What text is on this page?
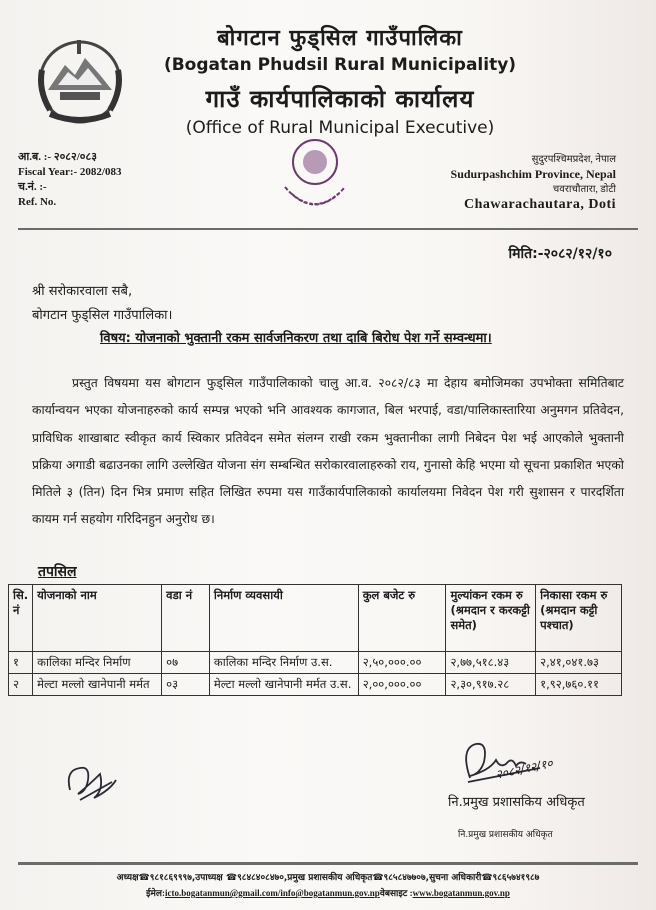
बोगटान फुड्सिल गाउँपालिका
(Bogatan Phudsil Rural Municipality)
गाउँ कार्यपालिकाको कार्यालय
(Office of Rural Municipal Executive)
आ.ब. :- २०८२/०८३
Fiscal Year:- 2082/083
च.नं. :-
Ref. No.
सुदुरपश्चिमप्रदेश, नेपाल
Sudurpashchim Province, Nepal
चवराचौतारा, डोटी
Chawarachautara, Doti
मिति:-२०८२/१२/१०
श्री सरोकारवाला सबै,
बोगटान फुड्सिल गाउँपालिका।
विषय: योजनाको भुक्तानी रकम सार्वजनिकरण तथा दाबि बिरोध पेश गर्ने सम्वन्धमा।
प्रस्तुत विषयमा यस बोगटान फुड्सिल गाउँपालिकाको चालु आ.व. २०८२/८३ मा देहाय बमोजिमका उपभोक्ता समितिबाट कार्यान्वयन भएका योजनाहरुको कार्य सम्पन्न भएको भनि आवश्यक कागजात, बिल भरपाई, वडा/पालिकास्तारिया अनुमगन प्रतिवेदन, प्राविधिक शाखाबाट स्वीकृत कार्य स्विकार प्रतिवेदन समेत संलग्न राखी रकम भुक्तानीका लागी निबेदन पेश भई आएकोले भुक्तानी प्रक्रिया अगाडी बढाउनका लागि उल्लेखित योजना संग सम्बन्धित सरोकारवालाहरुको राय, गुनासो केहि भएमा यो सूचना प्रकाशित भएको मितिले ३ (तिन) दिन भित्र प्रमाण सहित लिखित रुपमा यस गाउँकार्यपालिकाको कार्यालयमा निवेदन पेश गरी सुशासन र पारदर्शिता कायम गर्न सहयोग गरिदिनहुन अनुरोध छ।
तपसिल
सि. नं	योजनाको नाम	वडा नं	निर्माण व्यवसायी	कुल बजेट रु	मुल्यांकन रकम रु (श्रमदान र करकट्टी समेत)	निकासा रकम रु (श्रमदान कट्टी पश्चात)
१	कालिका मन्दिर निर्माण	०७	कालिका मन्दिर निर्माण उ.स.	२,५०,०००.००	२,७७,५१८.४३	२,४१,०४१.७३
२	मेल्टा मल्लो खानेपानी मर्मत	०३	मेल्टा मल्लो खानेपानी मर्मत उ.स.	२,००,०००.००	२,३०,९१७.२८	१,९२,७६०.११
२०८२/१२/१०
नि.प्रमुख प्रशासकिय अधिकृत
नि.प्रमुख प्रशासकीय अधिकृत
अध्यक्ष☎९८१८६९९९७,उपाध्यक्ष ☎९८४८४०८४७०,प्रमुख प्रशासकीय अधिकृत☎९८५८४७७०७,सुचना अधिकारी☎९८६५७४१९८७
ईमेल:icto.bogatanmun@gmail.com/info@bogatanmun.gov.npवेबसाइट :www.bogatanmun.gov.np
